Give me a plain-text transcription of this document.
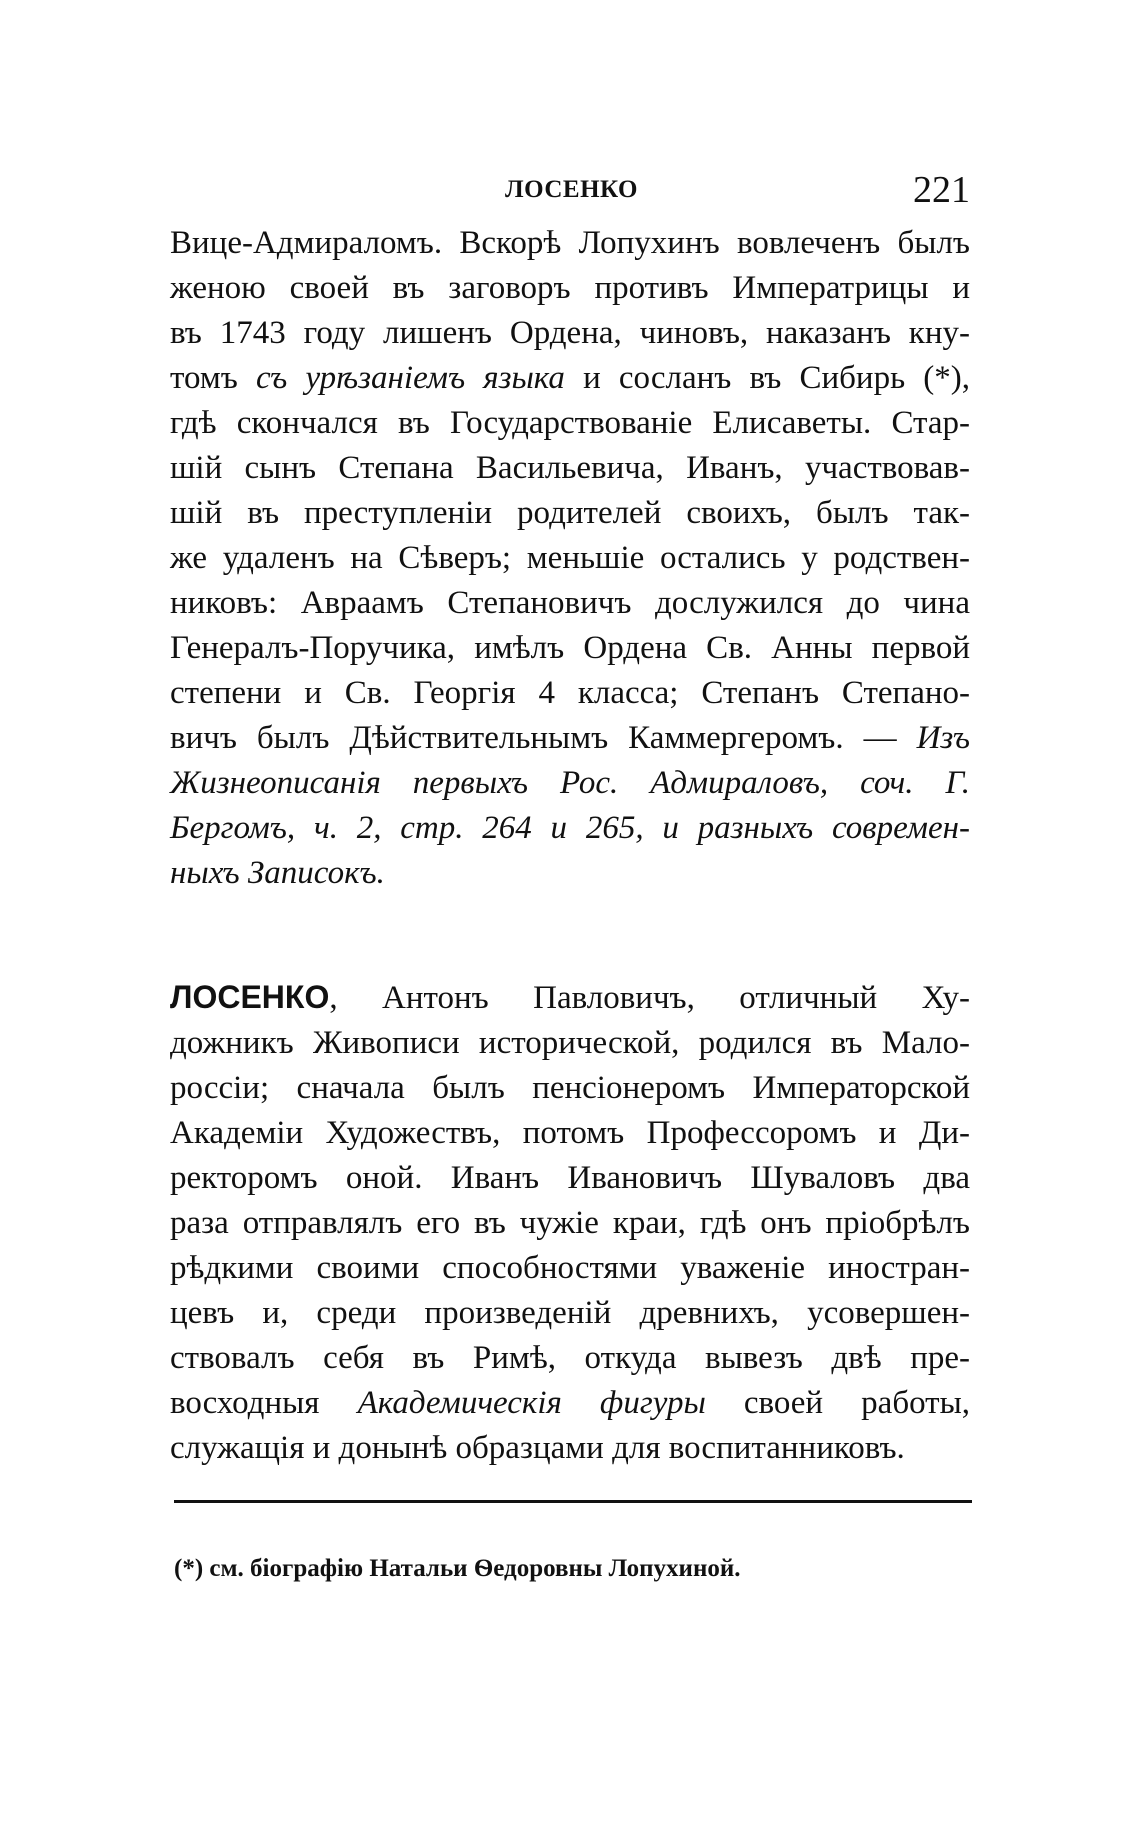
ЛОСЕНКО	221
Вице-Адмираломъ. Вскорѣ Лопухинъ вовлеченъ былъ
женою своей въ заговоръ противъ Императрицы и
въ 1743 году лишенъ Ордена, чиновъ, наказанъ кну-
томъ съ урѣзаніемъ языка и сосланъ въ Сибирь (*),
гдѣ скончался въ Государствованіе Елисаветы. Стар-
шій сынъ Степана Васильевича, Иванъ, участвовав-
шій въ преступленіи родителей своихъ, былъ так-
же удаленъ на Сѣверъ; меньшіе остались у родствен-
никовъ: Авраамъ Степановичъ дослужился до чина
Генералъ-Поручика, имѣлъ Ордена Св. Анны первой
степени и Св. Георгія 4 класса; Степанъ Степано-
вичъ былъ Дѣйствительнымъ Каммергеромъ. — Изъ
Жизнеописанія первыхъ Рос. Адмираловъ, соч. Г.
Бергомъ, ч. 2, стр. 264 и 265, и разныхъ современ-
ныхъ Записокъ.
ЛОСЕНКО, Антонъ Павловичъ, отличный Ху-
дожникъ Живописи исторической, родился въ Мало-
россіи; сначала былъ пенсіонеромъ Императорской
Академіи Художествъ, потомъ Профессоромъ и Ди-
ректоромъ оной. Иванъ Ивановичъ Шуваловъ два
раза отправлялъ его въ чужіе краи, гдѣ онъ пріобрѣлъ
рѣдкими своими способностями уваженіе иностран-
цевъ и, среди произведеній древнихъ, усовершен-
ствовалъ себя въ Римѣ, откуда вывезъ двѣ пре-
восходныя Академическія фигуры своей работы,
служащія и донынѣ образцами для воспитанниковъ.
(*) см. біографію Натальи Ѳедоровны Лопухиной.
